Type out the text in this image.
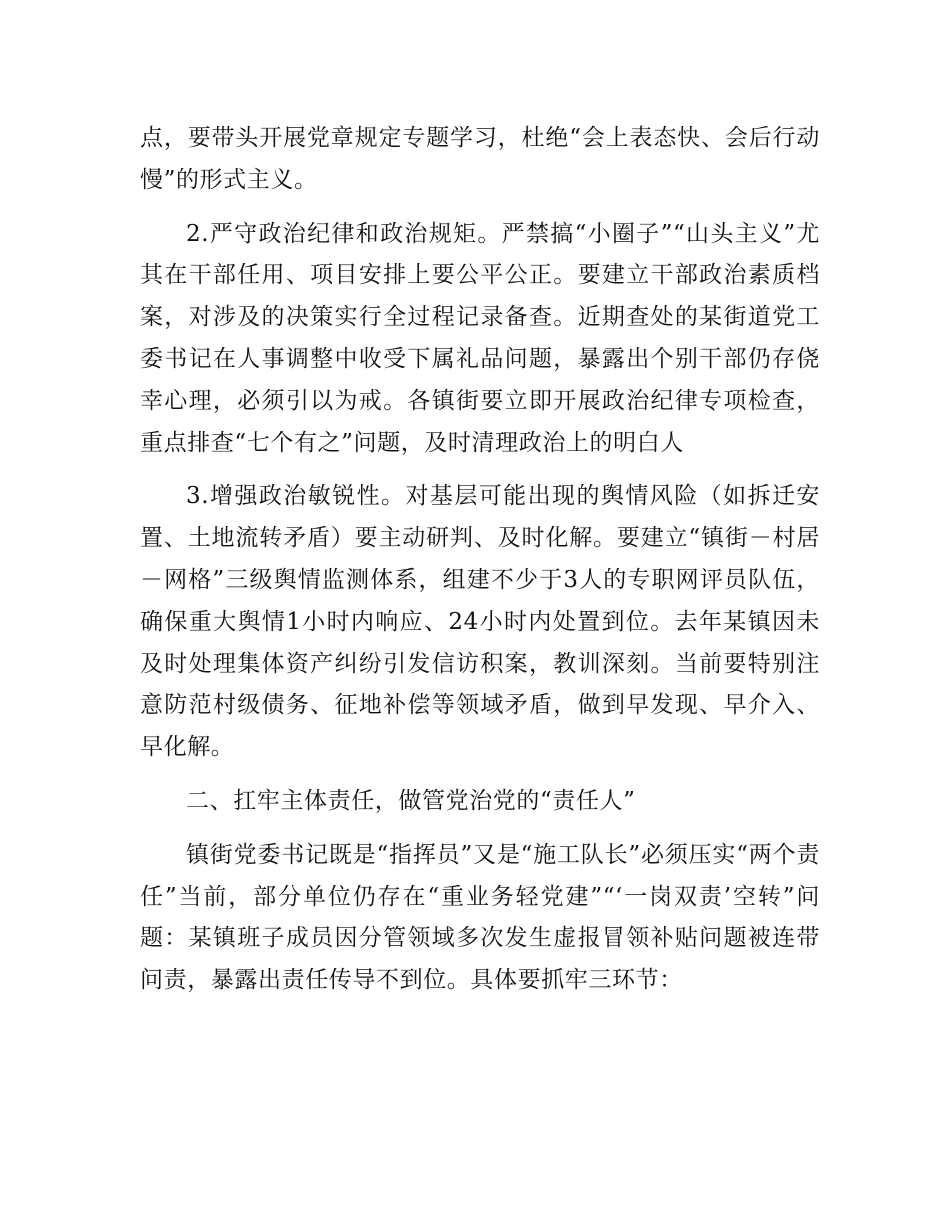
点，要带头开展党章规定专题学习，杜绝“会上表态快、会后行动慢”的形式主义。

2.严守政治纪律和政治规矩。严禁搞“小圈子”“山头主义”尤其在干部任用、项目安排上要公平公正。要建立干部政治素质档案，对涉及的决策实行全过程记录备查。近期查处的某街道党工委书记在人事调整中收受下属礼品问题，暴露出个别干部仍存侥幸心理，必须引以为戒。各镇街要立即开展政治纪律专项检查，重点排查“七个有之”问题，及时清理政治上的明白人

3.增强政治敏锐性。对基层可能出现的舆情风险（如拆迁安置、土地流转矛盾）要主动研判、及时化解。要建立“镇街－村居－网格”三级舆情监测体系，组建不少于3人的专职网评员队伍，确保重大舆情1小时内响应、24小时内处置到位。去年某镇因未及时处理集体资产纠纷引发信访积案，教训深刻。当前要特别注意防范村级债务、征地补偿等领域矛盾，做到早发现、早介入、早化解。

二、扛牢主体责任，做管党治党的“责任人”

镇街党委书记既是“指挥员”又是“施工队长”必须压实“两个责任”当前，部分单位仍存在“重业务轻党建”“‘一岗双责’空转”问题：某镇班子成员因分管领域多次发生虚报冒领补贴问题被连带问责，暴露出责任传导不到位。具体要抓牢三环节：
